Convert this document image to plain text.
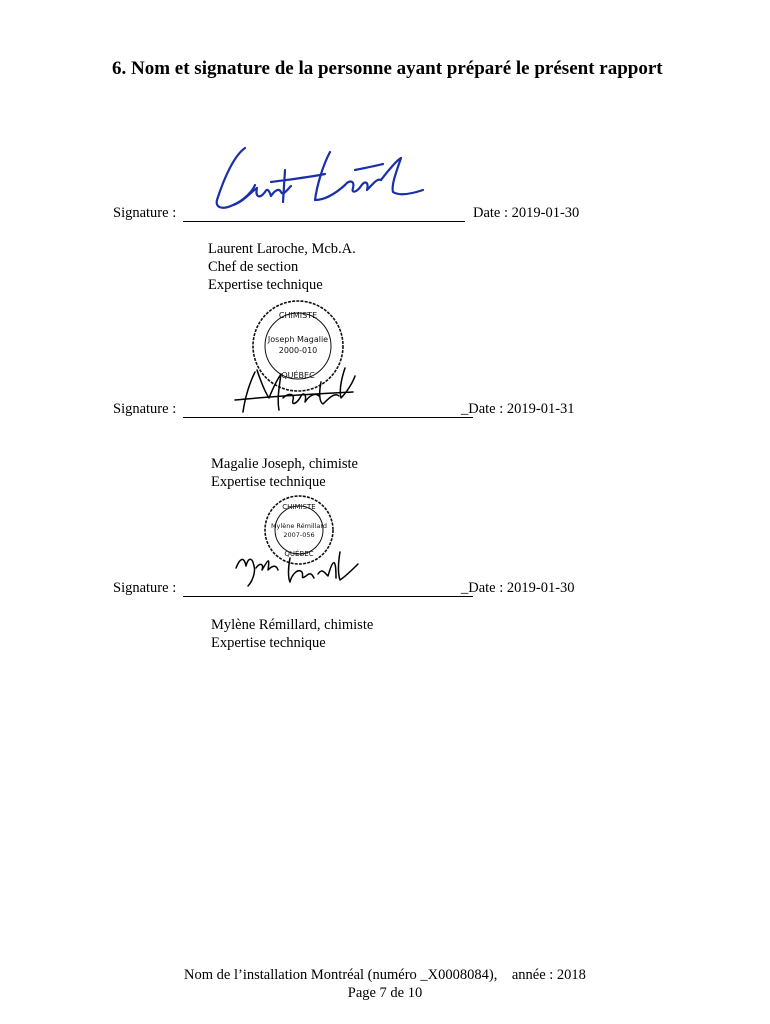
6. Nom et signature de la personne ayant préparé le présent rapport
Signature :	Date : 2019-01-30
Laurent Laroche, Mcb.A.
Chef de section
Expertise technique
CHIMISTE
Joseph Magalie
2000-010
QUÉBEC
Signature :	_Date : 2019-01-31
Magalie Joseph, chimiste
Expertise technique
CHIMISTE
Mylène Rémillard
2007-056
QUÉBEC
Signature :	_Date : 2019-01-30
Mylène Rémillard, chimiste
Expertise technique
Nom de l’installation Montréal (numéro _X0008084),    année : 2018
Page 7 de 10
